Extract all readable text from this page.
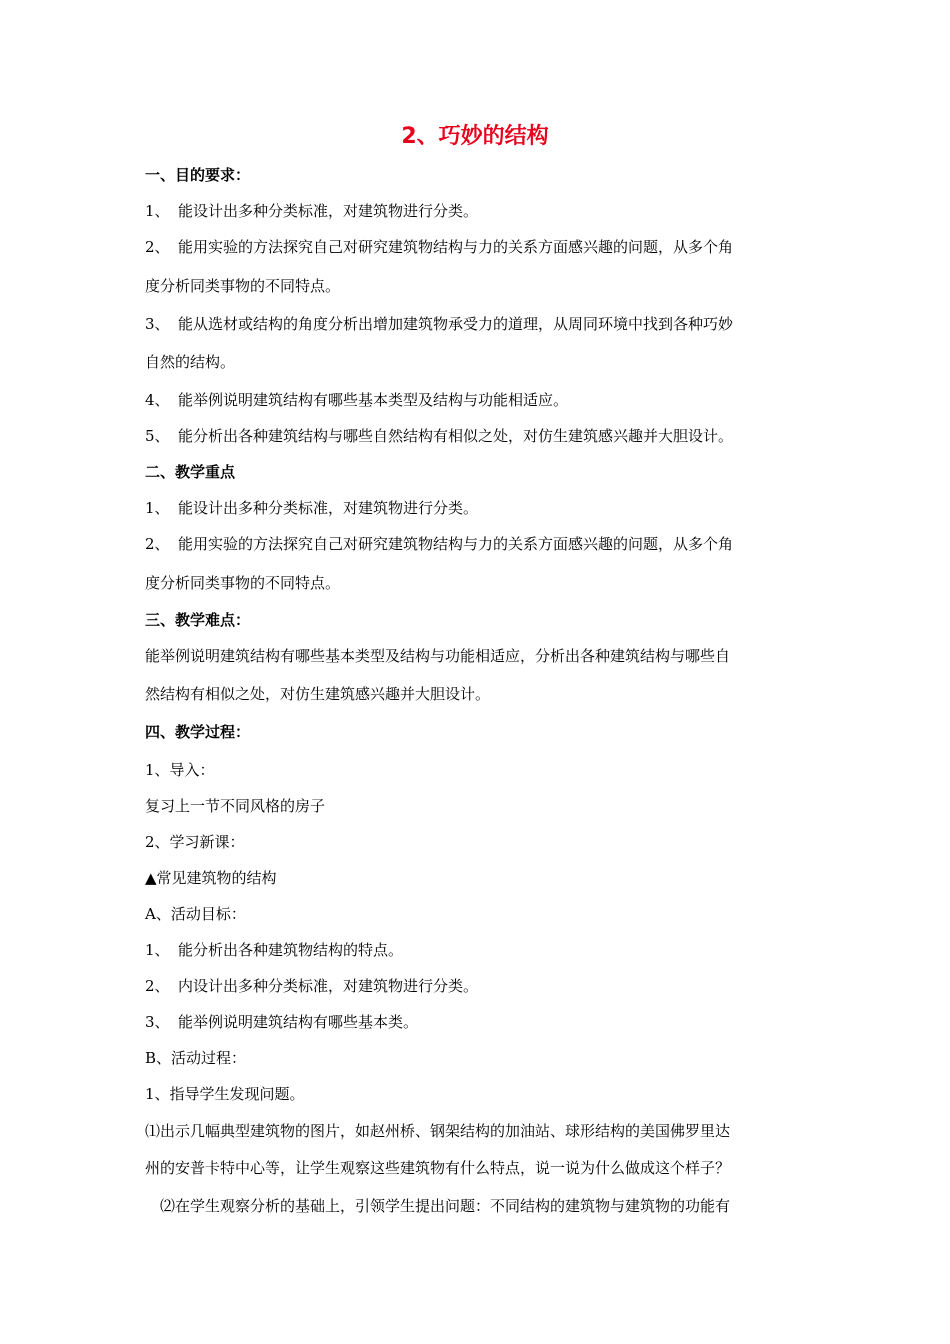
2、巧妙的结构
一、目的要求：
1、 能设计出多种分类标准，对建筑物进行分类。
2、 能用实验的方法探究自己对研究建筑物结构与力的关系方面感兴趣的问题，从多个角
度分析同类事物的不同特点。
3、 能从选材或结构的角度分析出增加建筑物承受力的道理，从周同环境中找到各种巧妙
自然的结构。
4、 能举例说明建筑结构有哪些基本类型及结构与功能相适应。
5、 能分析出各种建筑结构与哪些自然结构有相似之处，对仿生建筑感兴趣并大胆设计。
二、教学重点
1、 能设计出多种分类标准，对建筑物进行分类。
2、 能用实验的方法探究自己对研究建筑物结构与力的关系方面感兴趣的问题，从多个角
度分析同类事物的不同特点。
三、教学难点：
能举例说明建筑结构有哪些基本类型及结构与功能相适应，分析出各种建筑结构与哪些自
然结构有相似之处，对仿生建筑感兴趣并大胆设计。
四、教学过程：
1、导入：
复习上一节不同风格的房子
2、学习新课：
▲常见建筑物的结构
A、活动目标：
1、 能分析出各种建筑物结构的特点。
2、 内设计出多种分类标准，对建筑物进行分类。
3、 能举例说明建筑结构有哪些基本类。
B、活动过程：
1、指导学生发现问题。
⑴出示几幅典型建筑物的图片，如赵州桥、钢架结构的加油站、球形结构的美国佛罗里达
州的安普卡特中心等，让学生观察这些建筑物有什么特点，说一说为什么做成这个样子？
⑵在学生观察分析的基础上，引领学生提出问题：不同结构的建筑物与建筑物的功能有
